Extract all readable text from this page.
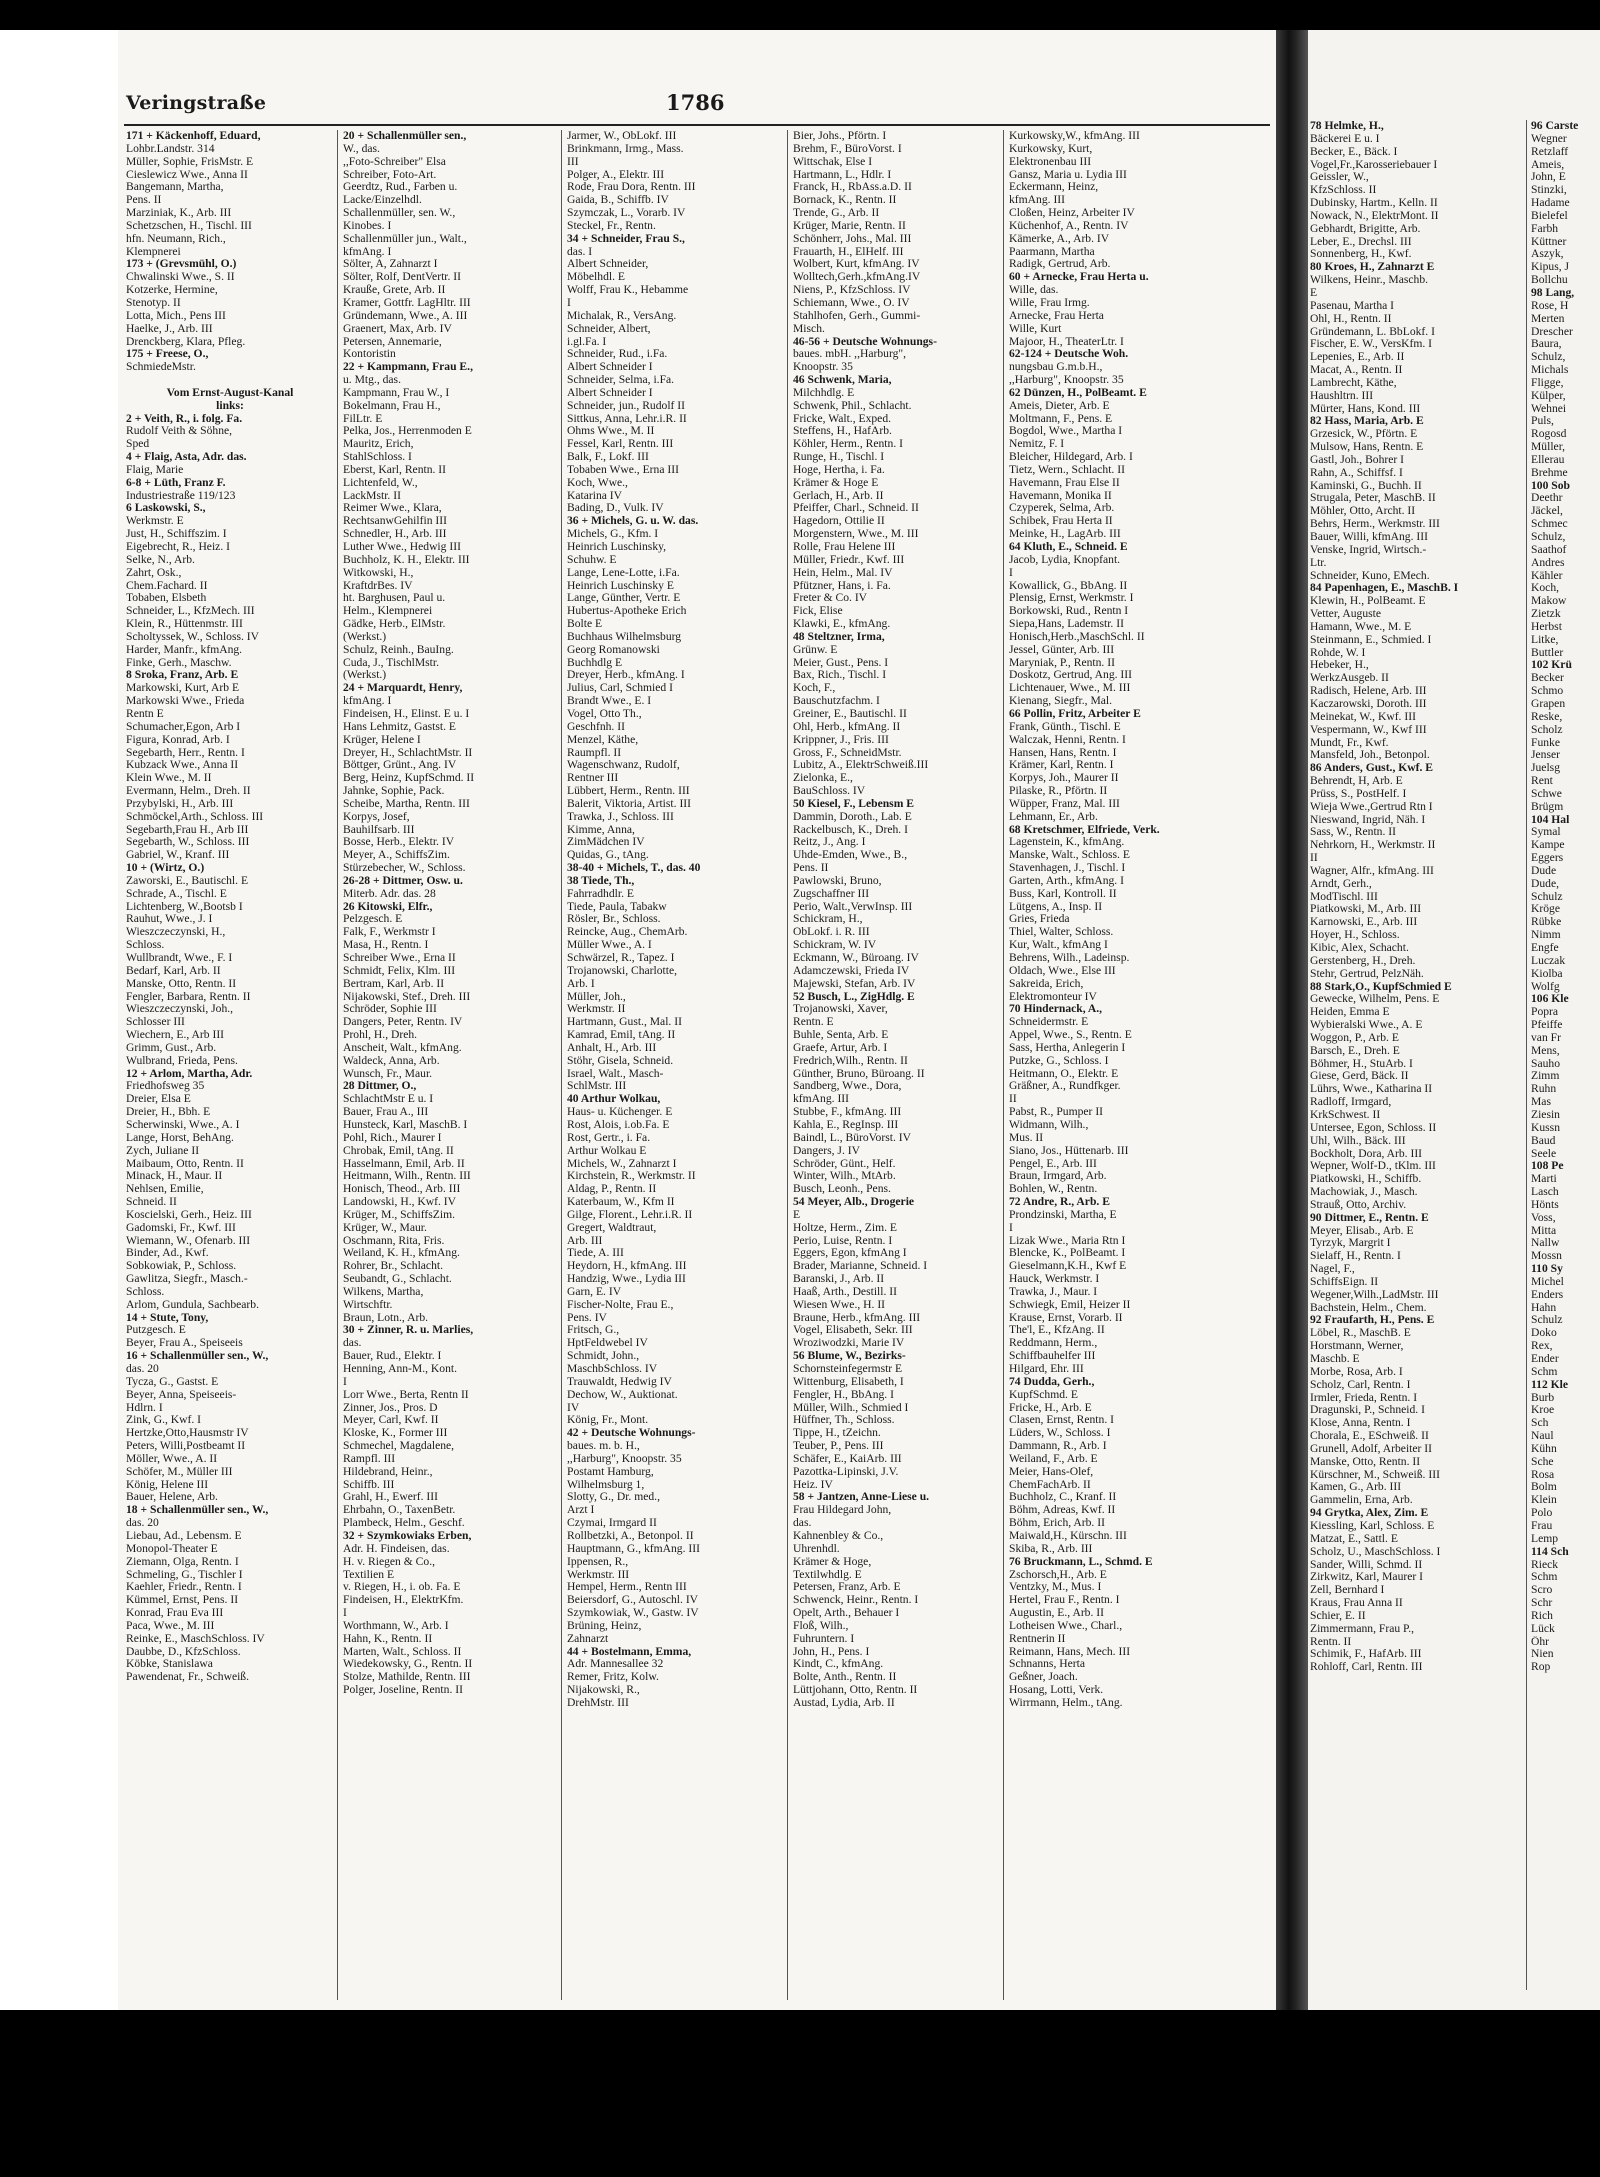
Veringstraße	1786
171 + Käckenhoff, Eduard,
Lohbr.Landstr. 314
Müller, Sophie, FrisMstr. E
Cieslewicz Wwe., Anna II
Bangemann, Martha,
Pens. II
Marziniak, K., Arb. III
Schetzschen, H., Tischl. III
hfn. Neumann, Rich.,
Klempnerei
173 + (Grevsmühl, O.)
Chwalinski Wwe., S. II
Kotzerke, Hermine,
Stenotyp. II
Lotta, Mich., Pens III
Haelke, J., Arb. III
Drenckberg, Klara, Pfleg.
175 + Freese, O.,
SchmiedeMstr.

Vom Ernst-August-Kanal
links:
2 + Veith, R., i. folg. Fa.
Rudolf Veith & Söhne,
Sped
4 + Flaig, Asta, Adr. das.
Flaig, Marie
6-8 + Lüth, Franz F.
Industriestraße 119/123
6 Laskowski, S.,
Werkmstr. E
Just, H., Schiffszim. I
Eigebrecht, R., Heiz. I
Selke, N., Arb.
Zahrt, Osk.,
Chem.Fachard. II
Tobaben, Elsbeth
Schneider, L., KfzMech. III
Klein, R., Hüttenmstr. III
Scholtyssek, W., Schloss. IV
Harder, Manfr., kfmAng.
Finke, Gerh., Maschw.
8 Sroka, Franz, Arb. E
Markowski, Kurt, Arb E
Markowski Wwe., Frieda
Rentn E
Schumacher,Egon, Arb I
Figura, Konrad, Arb. I
Segebarth, Herr., Rentn. I
Kubzack Wwe., Anna II
Klein Wwe., M. II
Evermann, Helm., Dreh. II
Przybylski, H., Arb. III
Schmöckel,Arth., Schloss. III
Segebarth,Frau H., Arb III
Segebarth, W., Schloss. III
Gabriel, W., Kranf. III
10 + (Wirtz, O.)
Zaworski, E., Bautischl. E
Schrade, A., Tischl. E
Lichtenberg, W.,Bootsb I
Rauhut, Wwe., J. I
Wieszczeczynski, H.,
Schloss.
Wullbrandt, Wwe., F. I
Bedarf, Karl, Arb. II
Manske, Otto, Rentn. II
Fengler, Barbara, Rentn. II
Wieszczeczynski, Joh.,
Schlosser III
Wiechern, E., Arb III
Grimm, Gust., Arb.
Wulbrand, Frieda, Pens.
12 + Arlom, Martha, Adr.
Friedhofsweg 35
Dreier, Elsa E
Dreier, H., Bbh. E
Scherwinski, Wwe., A. I
Lange, Horst, BehAng.
Zych, Juliane II
Maibaum, Otto, Rentn. II
Minack, H., Maur. II
Nehlsen, Emilie,
Schneid. II
Koscielski, Gerh., Heiz. III
Gadomski, Fr., Kwf. III
Wiemann, W., Ofenarb. III
Binder, Ad., Kwf.
Sobkowiak, P., Schloss.
Gawlitza, Siegfr., Masch.-
Schloss.
Arlom, Gundula, Sachbearb.
14 + Stute, Tony,
Putzgesch. E
Beyer, Frau A., Speiseeis
16 + Schallenmüller sen., W.,
das. 20
Tycza, G., Gastst. E
Beyer, Anna, Speiseeis-
Hdlrn. I
Zink, G., Kwf. I
Hertzke,Otto,Hausmstr IV
Peters, Willi,Postbeamt II
Möller, Wwe., A. II
Schöfer, M., Müller III
König, Helene III
Bauer, Helene, Arb.
18 + Schallenmüller sen., W.,
das. 20
Liebau, Ad., Lebensm. E
Monopol-Theater E
Ziemann, Olga, Rentn. I
Schmeling, G., Tischler I
Kaehler, Friedr., Rentn. I
Kümmel, Ernst, Pens. II
Konrad, Frau Eva III
Paca, Wwe., M. III
Reinke, E., MaschSchloss. IV
Daubbe, D., KfzSchloss.
Köbke, Stanislawa
Pawendenat, Fr., Schweiß.
20 + Schallenmüller sen.,
W., das.
,,Foto-Schreiber" Elsa
Schreiber, Foto-Art.
Geerdtz, Rud., Farben u.
Lacke/Einzelhdl.
Schallenmüller, sen. W.,
Kinobes. I
Schallenmüller jun., Walt.,
kfmAng. I
Sölter, A, Zahnarzt I
Sölter, Rolf, DentVertr. II
Krauße, Grete, Arb. II
Kramer, Gottfr. LagHltr. III
Gründemann, Wwe., A. III
Graenert, Max, Arb. IV
Petersen, Annemarie,
Kontoristin
22 + Kampmann, Frau E.,
u. Mtg., das.
Kampmann, Frau W., I
Bokelmann, Frau H.,
FilLtr. E
Pelka, Jos., Herrenmoden E
Mauritz, Erich,
StahlSchloss. I
Eberst, Karl, Rentn. II
Lichtenfeld, W.,
LackMstr. II
Reimer Wwe., Klara,
RechtsanwGehilfin III
Schnedler, H., Arb. III
Luther Wwe., Hedwig III
Buchholz, K. H., Elektr. III
Witkowski, H.,
KraftdrBes. IV
ht. Barghusen, Paul u.
Helm., Klempnerei
Gädke, Herb., ElMstr.
(Werkst.)
Schulz, Reinh., BauIng.
Cuda, J., TischlMstr.
(Werkst.)
24 + Marquardt, Henry,
kfmAng. I
Findeisen, H., Elinst. E u. I
Hans Lehmitz, Gastst. E
Krüger, Helene I
Dreyer, H., SchlachtMstr. II
Böttger, Grünt., Ang. IV
Berg, Heinz, KupfSchmd. II
Jahnke, Sophie, Pack.
Scheibe, Martha, Rentn. III
Korpys, Josef,
Bauhilfsarb. III
Bosse, Herb., Elektr. IV
Meyer, A., SchiffsZim.
Stürzebecher, W., Schloss.
26-28 + Dittmer, Osw. u.
Miterb. Adr. das. 28
26 Kitowski, Elfr.,
Pelzgesch. E
Falk, F., Werkmstr I
Masa, H., Rentn. I
Schreiber Wwe., Erna II
Schmidt, Felix, Klm. III
Bertram, Karl, Arb. II
Nijakowski, Stef., Dreh. III
Schröder, Sophie III
Dangers, Peter, Rentn. IV
Prohl, H., Dreh.
Anscheit, Walt., kfmAng.
Waldeck, Anna, Arb.
Wunsch, Fr., Maur.
28 Dittmer, O.,
SchlachtMstr E u. I
Bauer, Frau A., III
Hunsteck, Karl, MaschB. I
Pohl, Rich., Maurer I
Chrobak, Emil, tAng. II
Hasselmann, Emil, Arb. II
Heitmann, Wilh., Rentn. III
Honisch, Theod., Arb. III
Landowski, H., Kwf. IV
Krüger, M., SchiffsZim.
Krüger, W., Maur.
Oschmann, Rita, Fris.
Weiland, K. H., kfmAng.
Rohrer, Br., Schlacht.
Seubandt, G., Schlacht.
Wilkens, Martha,
Wirtschftr.
Braun, Lotn., Arb.
30 + Zinner, R. u. Marlies,
das.
Bauer, Rud., Elektr. I
Henning, Ann-M., Kont.
I
Lorr Wwe., Berta, Rentn II
Zinner, Jos., Pros. D
Meyer, Carl, Kwf. II
Kloske, K., Former III
Schmechel, Magdalene,
Rampfl. III
Hildebrand, Heinr.,
Schiffb. III
Grahl, H., Ewerf. III
Ehrbahn, O., TaxenBetr.
Plambeck, Helm., Geschf.
32 + Szymkowiaks Erben,
Adr. H. Findeisen, das.
H. v. Riegen & Co.,
Textilien E
v. Riegen, H., i. ob. Fa. E
Findeisen, H., ElektrKfm.
I
Worthmann, W., Arb. I
Hahn, K., Rentn. II
Marten, Walt., Schloss. II
Wiedekowsky, G., Rentn. II
Stolze, Mathilde, Rentn. III
Polger, Joseline, Rentn. II
Jarmer, W., ObLokf. III
Brinkmann, Irmg., Mass.
III
Polger, A., Elektr. III
Rode, Frau Dora, Rentn. III
Gaida, B., Schiffb. IV
Szymczak, L., Vorarb. IV
Steckel, Fr., Rentn.
34 + Schneider, Frau S.,
das. I
Albert Schneider,
Möbelhdl. E
Wolff, Frau K., Hebamme
I
Michalak, R., VersAng.
Schneider, Albert,
i.gl.Fa. I
Schneider, Rud., i.Fa.
Albert Schneider I
Schneider, Selma, i.Fa.
Albert Schneider I
Schneider, jun., Rudolf II
Sittkus, Anna, Lehr.i.R. II
Ohms Wwe., M. II
Fessel, Karl, Rentn. III
Balk, F., Lokf. III
Tobaben Wwe., Erna III
Koch, Wwe.,
Katarina IV
Bading, D., Vulk. IV
36 + Michels, G. u. W. das.
Michels, G., Kfm. I
Heinrich Luschinsky,
Schuhw. E
Lange, Lene-Lotte, i.Fa.
Heinrich Luschinsky E
Lange, Günther, Vertr. E
Hubertus-Apotheke Erich
Bolte E
Buchhaus Wilhelmsburg
Georg Romanowski
Buchhdlg E
Dreyer, Herb., kfmAng. I
Julius, Carl, Schmied I
Brandt Wwe., E. I
Vogel, Otto Th.,
Geschfnh. II
Menzel, Käthe,
Raumpfl. II
Wagenschwanz, Rudolf,
Rentner III
Lübbert, Herm., Rentn. III
Balerit, Viktoria, Artist. III
Trawka, J., Schloss. III
Kimme, Anna,
ZimMädchen IV
Quidas, G., tAng.
38-40 + Michels, T., das. 40
38 Tiede, Th.,
Fahrradhdlr. E
Tiede, Paula, Tabakw
Rösler, Br., Schloss.
Reincke, Aug., ChemArb.
Müller Wwe., A. I
Schwärzel, R., Tapez. I
Trojanowski, Charlotte,
Arb. I
Müller, Joh.,
Werkmstr. II
Hartmann, Gust., Mal. II
Kamrad, Emil, tAng. II
Anhalt, H., Arb. III
Stöhr, Gisela, Schneid.
Israel, Walt., Masch-
SchlMstr. III
40 Arthur Wolkau,
Haus- u. Küchenger. E
Rost, Alois, i.ob.Fa. E
Rost, Gertr., i. Fa.
Arthur Wolkau E
Michels, W., Zahnarzt I
Kirchstein, R., Werkmstr. II
Aldag, P., Rentn. II
Katerbaum, W., Kfm II
Gilge, Florent., Lehr.i.R. II
Gregert, Waldtraut,
Arb. III
Tiede, A. III
Heydorn, H., kfmAng. III
Handzig, Wwe., Lydia III
Garn, E. IV
Fischer-Nolte, Frau E.,
Pens. IV
Fritsch, G.,
HptFeldwebel IV
Schmidt, John.,
MaschbSchloss. IV
Trauwaldt, Hedwig IV
Dechow, W., Auktionat.
IV
König, Fr., Mont.
42 + Deutsche Wohnungs-
baues. m. b. H.,
,,Harburg", Knoopstr. 35
Postamt Hamburg,
Wilhelmsburg 1,
Slotty, G., Dr. med.,
Arzt I
Czymai, Irmgard II
Rollbetzki, A., Betonpol. II
Hauptmann, G., kfmAng. III
Ippensen, R.,
Werkmstr. III
Hempel, Herm., Rentn III
Beiersdorf, G., Autoschl. IV
Szymkowiak, W., Gastw. IV
Brüning, Heinz,
Zahnarzt
44 + Bostelmann, Emma,
Adr. Mannesallee 32
Remer, Fritz, Kolw.
Nijakowski, R.,
DrehMstr. III
Bier, Johs., Pförtn. I
Brehm, F., BüroVorst. I
Wittschak, Else I
Hartmann, L., Hdlr. I
Franck, H., RbAss.a.D. II
Bornack, K., Rentn. II
Trende, G., Arb. II
Krüger, Marie, Rentn. II
Schönherr, Johs., Mal. III
Frauarth, H., ElHelf. III
Wolbert, Kurt, kfmAng. IV
Wolltech,Gerh.,kfmAng.IV
Niens, P., KfzSchloss. IV
Schiemann, Wwe., O. IV
Stahlhofen, Gerh., Gummi-
Misch.
46-56 + Deutsche Wohnungs-
baues. mbH. ,,Harburg",
Knoopstr. 35
46 Schwenk, Maria,
Milchhdlg. E
Schwenk, Phil., Schlacht.
Fricke, Walt., Exped.
Steffens, H., HafArb.
Köhler, Herm., Rentn. I
Runge, H., Tischl. I
Hoge, Hertha, i. Fa.
Krämer & Hoge E
Gerlach, H., Arb. II
Pfeiffer, Charl., Schneid. II
Hagedorn, Ottilie II
Morgenstern, Wwe., M. III
Rolle, Frau Helene III
Müller, Friedr., Kwf. III
Hein, Helm., Mal. IV
Pfützner, Hans, i. Fa.
Freter & Co. IV
Fick, Elise
Klawki, E., kfmAng.
48 Steltzner, Irma,
Grünw. E
Meier, Gust., Pens. I
Bax, Rich., Tischl. I
Koch, F.,
Bauschutzfachm. I
Greiner, E., Bautischl. II
Ohl, Herb., kfmAng. II
Krippner, J., Fris. III
Gross, F., SchneidMstr.
Lubitz, A., ElektrSchweiß.III
Zielonka, E.,
BauSchloss. IV
50 Kiesel, F., Lebensm E
Dammin, Doroth., Lab. E
Rackelbusch, K., Dreh. I
Reitz, J., Ang. I
Uhde-Emden, Wwe., B.,
Pens. II
Pawlowski, Bruno,
Zugschaffner III
Perio, Walt.,VerwInsp. III
Schickram, H.,
ObLokf. i. R. III
Schickram, W. IV
Eckmann, W., Büroang. IV
Adamczewski, Frieda IV
Majewski, Stefan, Arb. IV
52 Busch, L., ZigHdlg. E
Trojanowski, Xaver,
Rentn. E
Buhle, Senta, Arb. E
Graefe, Artur, Arb. I
Fredrich,Wilh., Rentn. II
Günther, Bruno, Büroang. II
Sandberg, Wwe., Dora,
kfmAng. III
Stubbe, F., kfmAng. III
Kahla, E., RegInsp. III
Baindl, L., BüroVorst. IV
Dangers, J. IV
Schröder, Günt., Helf.
Winter, Wilh., MtArb.
Busch, Leonh., Pens.
54 Meyer, Alb., Drogerie
E
Holtze, Herm., Zim. E
Perio, Luise, Rentn. I
Eggers, Egon, kfmAng I
Brader, Marianne, Schneid. I
Baranski, J., Arb. II
Haaß, Arth., Destill. II
Wiesen Wwe., H. II
Braune, Herb., kfmAng. III
Vogel, Elisabeth, Sekr. III
Wroziwodzki, Marie IV
56 Blume, W., Bezirks-
Schornsteinfegermstr E
Wittenburg, Elisabeth, I
Fengler, H., BbAng. I
Müller, Wilh., Schmied I
Hüffner, Th., Schloss.
Tippe, H., tZeichn.
Teuber, P., Pens. III
Schäfer, E., KaiArb. III
Pazottka-Lipinski, J.V.
Heiz. IV
58 + Jantzen, Anne-Liese u.
Frau Hildegard John,
das.
Kahnenbley & Co.,
Uhrenhdl.
Krämer & Hoge,
Textilwhdlg. E
Petersen, Franz, Arb. E
Schwenck, Heinr., Rentn. I
Opelt, Arth., Behauer I
Floß, Wilh.,
Fuhruntern. I
John, H., Pens. I
Kindt, C., kfmAng.
Bolte, Anth., Rentn. II
Lüttjohann, Otto, Rentn. II
Austad, Lydia, Arb. II
Kurkowsky,W., kfmAng. III
Kurkowsky, Kurt,
Elektronenbau III
Gansz, Maria u. Lydia III
Eckermann, Heinz,
kfmAng. III
Cloßen, Heinz, Arbeiter IV
Küchenhof, A., Rentn. IV
Kämerke, A., Arb. IV
Paarmann, Martha
Radigk, Gertrud, Arb.
60 + Arnecke, Frau Herta u.
Wille, das.
Wille, Frau Irmg.
Arnecke, Frau Herta
Wille, Kurt
Majoor, H., TheaterLtr. I
62-124 + Deutsche Woh.
nungsbau G.m.b.H.,
,,Harburg", Knoopstr. 35
62 Dünzen, H., PolBeamt. E
Ameis, Dieter, Arb. E
Moltmann, F., Pens. E
Bogdol, Wwe., Martha I
Nemitz, F. I
Bleicher, Hildegard, Arb. I
Tietz, Wern., Schlacht. II
Havemann, Frau Else II
Havemann, Monika II
Czyperek, Selma, Arb.
Schibek, Frau Herta II
Meinke, H., LagArb. III
64 Kluth, E., Schneid. E
Jacob, Lydia, Knopfant.
I
Kowallick, G., BbAng. II
Plensig, Ernst, Werkmstr. I
Borkowski, Rud., Rentn I
Siepa,Hans, Lademstr. II
Honisch,Herb.,MaschSchl. II
Jessel, Günter, Arb. III
Maryniak, P., Rentn. II
Doskotz, Gertrud, Ang. III
Lichtenauer, Wwe., M. III
Kienang, Siegfr., Mal.
66 Pollin, Fritz, Arbeiter E
Frank, Günth., Tischl. E
Walczak, Henni, Rentn. I
Hansen, Hans, Rentn. I
Krämer, Karl, Rentn. I
Korpys, Joh., Maurer II
Pilaske, R., Pförtn. II
Wüpper, Franz, Mal. III
Lehmann, Er., Arb.
68 Kretschmer, Elfriede, Verk.
Lagenstein, K., kfmAng.
Manske, Walt., Schloss. E
Stavenhagen, J., Tischl. I
Garten, Arth., kfmAng. I
Buss, Karl, Kontroll. II
Lütgens, A., Insp. II
Gries, Frieda
Thiel, Walter, Schloss.
Kur, Walt., kfmAng I
Behrens, Wilh., Ladeinsp.
Oldach, Wwe., Else III
Sakreida, Erich,
Elektromonteur IV
70 Hindernack, A.,
Schneidermstr. E
Appel, Wwe., S., Rentn. E
Sass, Hertha, Anlegerin I
Putzke, G., Schloss. I
Heitmann, O., Elektr. E
Gräßner, A., Rundfkger.
II
Pabst, R., Pumper II
Widmann, Wilh.,
Mus. II
Siano, Jos., Hüttenarb. III
Pengel, E., Arb. III
Braun, Irmgard, Arb.
Bohlen, W., Rentn.
72 Andre, R., Arb. E
Prondzinski, Martha, E
I
Lizak Wwe., Maria Rtn I
Blencke, K., PolBeamt. I
Gieselmann,K.H., Kwf E
Hauck, Werkmstr. I
Trawka, J., Maur. I
Schwiegk, Emil, Heizer II
Krause, Ernst, Vorarb. II
The'l, E., KfzAng. II
Reddmann, Herm.,
Schiffbauhelfer III
Hilgard, Ehr. III
74 Dudda, Gerh.,
KupfSchmd. E
Fricke, H., Arb. E
Clasen, Ernst, Rentn. I
Lüders, W., Schloss. I
Dammann, R., Arb. I
Weiland, F., Arb. E
Meier, Hans-Olef,
ChemFachArb. II
Buchholz, C., Kranf. II
Böhm, Adreas, Kwf. II
Böhm, Erich, Arb. II
Maiwald,H., Kürschn. III
Skiba, R., Arb. III
76 Bruckmann, L., Schmd. E
Zschorsch,H., Arb. E
Ventzky, M., Mus. I
Hertel, Frau F., Rentn. I
Augustin, E., Arb. II
Lotheisen Wwe., Charl.,
Rentnerin II
Reimann, Hans, Mech. III
Schnanns, Herta
Geßner, Joach.
Hosang, Lotti, Verk.
Wirrmann, Helm., tAng.
78 Helmke, H.,
Bäckerei E u. I
Becker, E., Bäck. I
Vogel,Fr.,Karosseriebauer I
Geissler, W.,
KfzSchloss. II
Dubinsky, Hartm., Kelln. II
Nowack, N., ElektrMont. II
Gebhardt, Brigitte, Arb.
Leber, E., Drechsl. III
Sonnenberg, H., Kwf.
80 Kroes, H., Zahnarzt E
Wilkens, Heinr., Maschb.
E
Pasenau, Martha I
Ohl, H., Rentn. II
Gründemann, L. BbLokf. I
Fischer, E. W., VersKfm. I
Lepenies, E., Arb. II
Macat, A., Rentn. II
Lambrecht, Käthe,
Haushltrn. III
Mürter, Hans, Kond. III
82 Hass, Maria, Arb. E
Grzesick, W., Pförtn. E
Mulsow, Hans, Rentn. E
Gastl, Joh., Bohrer I
Rahn, A., Schiffsf. I
Kaminski, G., Buchh. II
Strugala, Peter, MaschB. II
Möhler, Otto, Archt. II
Behrs, Herm., Werkmstr. III
Bauer, Willi, kfmAng. III
Venske, Ingrid, Wirtsch.-
Ltr.
Schneider, Kuno, EMech.
84 Papenhagen, E., MaschB. I
Klewin, H., PolBeamt. E
Vetter, Auguste
Hamann, Wwe., M. E
Steinmann, E., Schmied. I
Rohde, W. I
Hebeker, H.,
WerkzAusgeb. II
Radisch, Helene, Arb. III
Kaczarowski, Doroth. III
Meinekat, W., Kwf. III
Vespermann, W., Kwf III
Mundt, Fr., Kwf.
Mansfeld, Joh., Betonpol.
86 Anders, Gust., Kwf. E
Behrendt, H, Arb. E
Prüss, S., PostHelf. I
Wieja Wwe.,Gertrud Rtn I
Nieswand, Ingrid, Näh. I
Sass, W., Rentn. II
Nehrkorn, H., Werkmstr. II
II
Wagner, Alfr., kfmAng. III
Arndt, Gerh.,
ModTischl. III
Piatkowski, M., Arb. III
Karnowski, E., Arb. III
Hoyer, H., Schloss.
Kibic, Alex, Schacht.
Gerstenberg, H., Dreh.
Stehr, Gertrud, PelzNäh.
88 Stark,O., KupfSchmied E
Gewecke, Wilhelm, Pens. E
Heiden, Emma E
Wybieralski Wwe., A. E
Woggon, P., Arb. E
Barsch, E., Dreh. E
Böhmer, H., StuArb. I
Giese, Gerd, Bäck. II
Lührs, Wwe., Katharina II
Radloff, Irmgard,
KrkSchwest. II
Untersee, Egon, Schloss. II
Uhl, Wilh., Bäck. III
Bockholt, Dora, Arb. III
Wepner, Wolf-D., tKlm. III
Piatkowski, H., Schiffb.
Machowiak, J., Masch.
Strauß, Otto, Archiv.
90 Dittmer, E., Rentn. E
Meyer, Elisab., Arb. E
Tyrzyk, Margrit I
Sielaff, H., Rentn. I
Nagel, F.,
SchiffsEign. II
Wegener,Wilh.,LadMstr. III
Bachstein, Helm., Chem.
92 Fraufarth, H., Pens. E
Löbel, R., MaschB. E
Horstmann, Werner,
Maschb. E
Morbe, Rosa, Arb. I
Scholz, Carl, Rentn. I
Irmler, Frieda, Rentn. I
Dragunski, P., Schneid. I
Klose, Anna, Rentn. I
Chorala, E., ESchweiß. II
Grunell, Adolf, Arbeiter II
Manske, Otto, Rentn. II
Kürschner, M., Schweiß. III
Kamen, G., Arb. III
Gammelin, Erna, Arb.
94 Grytka, Alex, Zim. E
Kiessling, Karl, Schloss. E
Matzat, E., Sattl. E
Scholz, U., MaschSchloss. I
Sander, Willi, Schmd. II
Zirkwitz, Karl, Maurer I
Zell, Bernhard I
Kraus, Frau Anna II
Schier, E. II
Zimmermann, Frau P.,
Rentn. II
Schimik, F., HafArb. III
Rohloff, Carl, Rentn. III
96 Carste
Wegner
Retzlaff
Ameis,
John, E
Stinzki,
Hadame
Bielefel
Farbh
Küttner
Aszyk,
Kipus, J
Bollchu
98 Lang,
Rose, H
Merten
Drescher
Baura,
Schulz,
Michals
Fligge,
Külper,
Wehnei
Puls,
Rogosd
Müller,
Ellerau
Brehme
100 Sob
Deethr
Jäckel,
Schmec
Schulz,
Saathof
Andres
Kähler
Koch,
Makow
Zietzk
Herbst
Litke,
Buttler
102 Krü
Becker
Schmo
Grapen
Reske,
Scholz
Funke
Jenser
Juelsg
Rent
Schwe
Brügm
104 Hal
Symal
Kampe
Eggers
Dude
Dude,
Schulz
Kröge
Rübke
Nimm
Engfe
Luczak
Kiolba
Wolfg
106 Kle
Popra
Pfeiffe
van Fr
Mens,
Sauho
Zimm
Ruhn
Mas
Ziesin
Kussn
Baud
Seele
108 Pe
Marti
Lasch
Hönts
Voss,
Mitta
Nallw
Mossn
110 Sy
Michel
Enders
Hahn
Schulz
Doko
Rex,
Ender
Schm
112 Kle
Burb
Kroe
Sch
Naul
Kühn
Sche
Rosa
Bolm
Klein
Polo
Frau
Lemp
114 Sch
Rieck
Schm
Scro
Schr
Rich
Lück
Öhr
Nien
Rop
